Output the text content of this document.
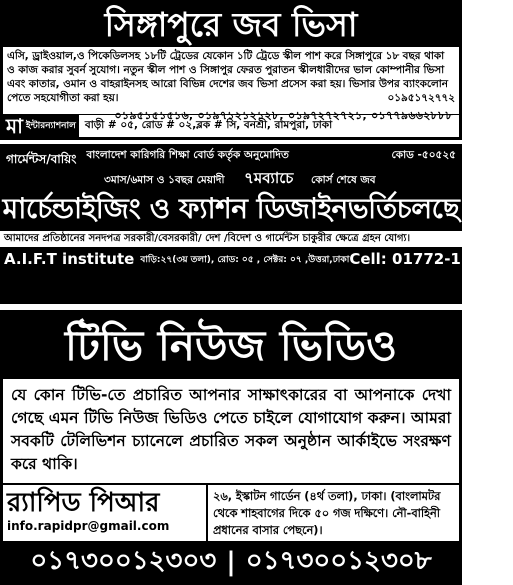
সিঙ্গাপুরে জব ভিসা
এসি, ড্রাইওয়াল,ও পিকেডিলসহ ১৮টি ট্রেডের যেকোন ১টি ট্রেডে স্কীল পাশ করে সিঙ্গাপুরে ১৮ বছর থাকা ও কাজ করার সুবর্ন সুযোগ। নতুন স্কীল পাশ ও সিঙ্গাপুর ফেরত পুরাতন স্কীলধারীদের ভাল কোম্পানীর ভিসা এবং কাতার, ওমান ও বাহরাইনসহ আরো বিভিন্ন দেশের জব ভিসা প্রসেস করা হয়। ভিসার উপর ব্যাংকলোন পেতে সহযোগীতা করা হয়।	০১৯৫১৭২৭৭২
০১৯৫১৫১৫১৬, ০১৯৭১২১২১২৮, ০১৯৭২৭২৭২১, ০১৭৭৯৬৬২৮৮৮
মা ইন্টারন্যাশনাল বাড়ী # ০৫, রোড # ০২,ব্লক # সি, বনশ্রী, রামপুরা, ঢাকা
গার্মেন্টস/বায়িং বাংলাদেশ কারিগরি শিক্ষা বোর্ড কর্তৃক অনুমোদিত	কোড -৫০৫২৫
৩মাস/৬মাস ও ১বছর মেয়াদী ৭মব্যাচে কোর্স শেষে জব
মার্চেন্ডাইজিং ও ফ্যাশন ডিজাইনভর্তিচলছে
আমাদের প্রতিষ্ঠানের সনদপত্র সরকারী/বেসরকারী/ দেশ /বিদেশ ও গার্মেন্টস চাকুরীর ক্ষেত্রে গ্রহন যোগ্য।
A.I.F.T institute বাড়ি:২৭(৩য় তলা), রোড: ০৫ , সেক্টর: ০৭ ,উত্তরা,ঢাকা Cell: 01772-125014
টিভি নিউজ ভিডিও
যে কোন টিভি-তে প্রচারিত আপনার সাক্ষাৎকারের বা আপনাকে দেখা গেছে এমন টিভি নিউজ ভিডিও পেতে চাইলে যোগাযোগ করুন। আমরা সবকটি টেলিভিশন চ্যানেলে প্রচারিত সকল অনুষ্ঠান আর্কাইভে সংরক্ষণ করে থাকি।
র‍্যাপিড পিআর
info.rapidpr@gmail.com
২৬, ইস্কাটন গার্ডেন (৪র্থ তলা), ঢাকা। (বাংলামটর থেকে শাহবাগের দিকে ৫০ গজ দক্ষিণে। নৌ-বাহিনী প্রধানের বাসার পেছনে)।
০১৭৩০০১২৩০৩ | ০১৭৩০০১২৩০৮
